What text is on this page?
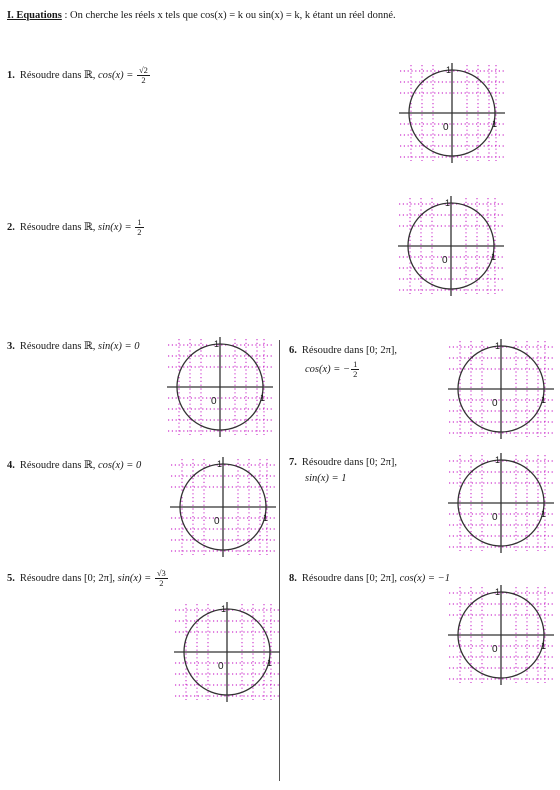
I. Equations : On cherche les réels x tels que cos(x) = k ou sin(x) = k, k étant un réel donné.
1. Résoudre dans ℝ, $\cos(x) = \frac{√2}{2}$
2. Résoudre dans ℝ, $\sin(x) = \frac{1}{2}$
3. Résoudre dans ℝ, sin(x) = 0
4. Résoudre dans ℝ, cos(x) = 0
5. Résoudre dans [0; 2π], $\sin(x) = \frac{√3}{2}$
6. Résoudre dans [0; 2π],
cos(x) = − $\frac{1}{2}$
7. Résoudre dans [0; 2π],
sin(x) = 1
8. Résoudre dans [0; 2π], cos(x) = −1
1
1
0
1
1
0
1
1
0
1
1
0
1
1
0
1
1
0
1
1
0
1
1
0
